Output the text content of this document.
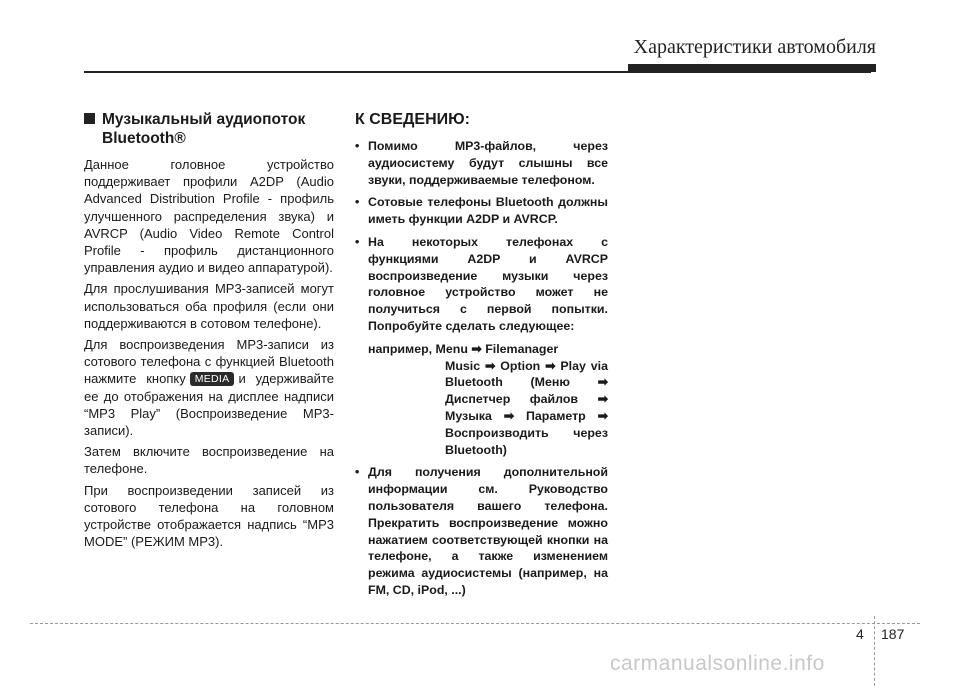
Характеристики автомобиля
Музыкальный аудиопоток Bluetooth®

Данное головное устройство поддерживает профили A2DP (Audio Advanced Distribution Profile - профиль улучшенного распределения звука) и AVRCP (Audio Video Remote Control Profile - профиль дистанционного управления аудио и видео аппаратурой).

Для прослушивания MP3-записей могут использоваться оба профиля (если они поддерживаются в сотовом телефоне).

Для воспроизведения MP3-записи из сотового телефона с функцией Bluetooth нажмите кнопку MEDIA и удерживайте ее до отображения на дисплее надписи “MP3 Play” (Воспроизведение MP3-записи).

Затем включите воспроизведение на телефоне.

При воспроизведении записей из сотового телефона на головном устройстве отображается надпись “MP3 MODE” (РЕЖИМ MP3).

К СВЕДЕНИЮ:
• Помимо MP3-файлов, через аудиосистему будут слышны все звуки, поддерживаемые телефоном.
• Сотовые телефоны Bluetooth должны иметь функции A2DP и AVRCP.
• На некоторых телефонах с функциями A2DP и AVRCP воспроизведение музыки через головное устройство может не получиться с первой попытки. Попробуйте сделать следующее:
например, Menu ➡ Filemanager
Music ➡ Option ➡ Play via Bluetooth (Меню ➡ Диспетчер файлов ➡ Музыка ➡ Параметр ➡ Воспроизводить через Bluetooth)
• Для получения дополнительной информации см. Руководство пользователя вашего телефона. Прекратить воспроизведение можно нажатием соответствующей кнопки на телефоне, а также изменением режима аудиосистемы (например, на FM, CD, iPod, ...)
4 187
carmanualsonline.info
